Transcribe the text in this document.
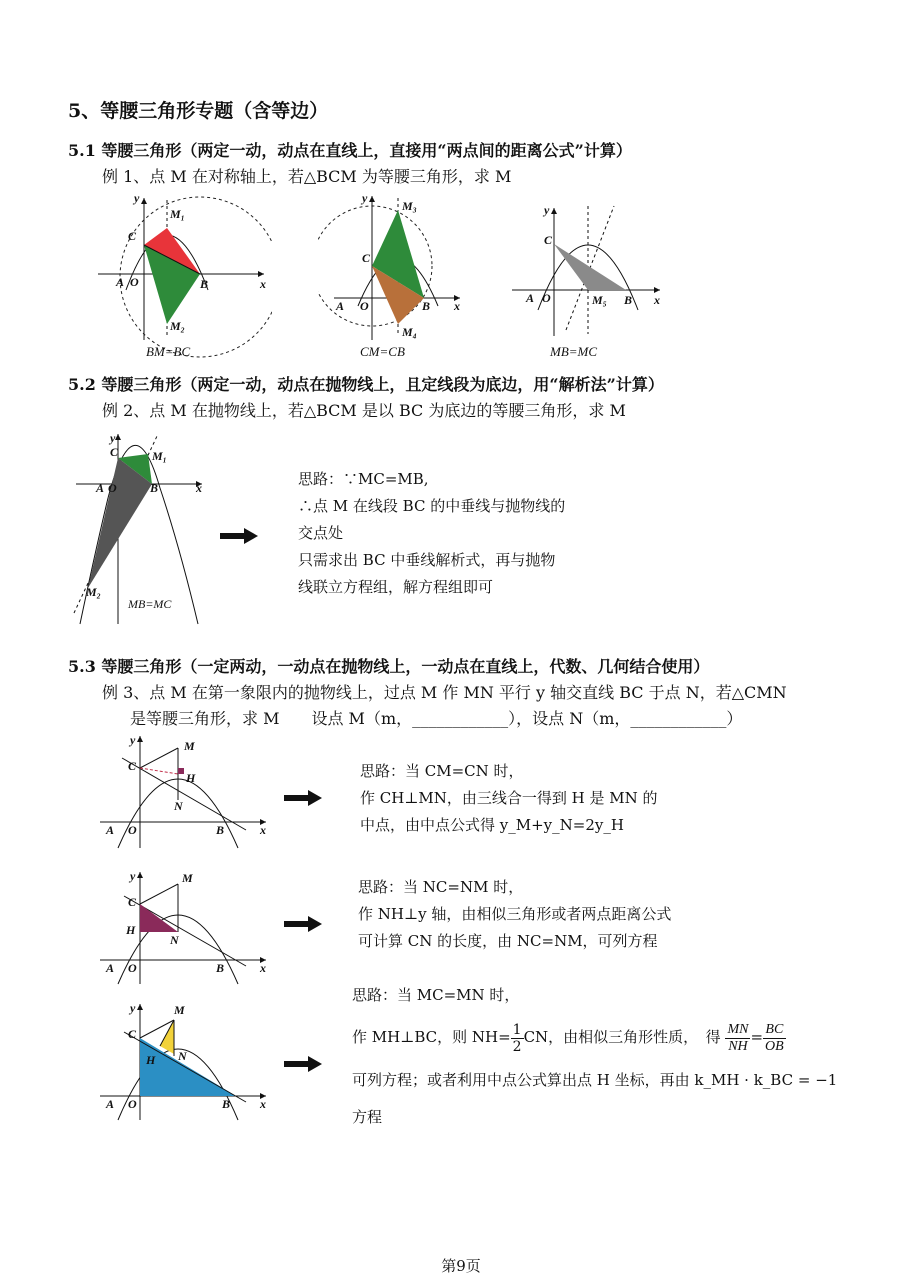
5、等腰三角形专题（含等边）
5.1 等腰三角形（两定一动，动点在直线上，直接用“两点间的距离公式”计算）
例 1、点 M 在对称轴上，若△BCM 为等腰三角形，求 M
y
x
C
A O	B
M₁
M₂
BM=BC
y
x
C
A O	B
M₃
M₄
CM=CB
y
x
C
A O	M₅ B
MB=MC
5.2 等腰三角形（两定一动，动点在抛物线上，且定线段为底边，用“解析法”计算）
例 2、点 M 在抛物线上，若△BCM 是以 BC 为底边的等腰三角形，求 M
y
x
C
A O	B
M₁
M₂
MB=MC
思路：∵MC=MB,
∴点 M 在线段 BC 的中垂线与抛物线的
交点处
只需求出 BC 中垂线解析式，再与抛物
线联立方程组，解方程组即可
5.3 等腰三角形（一定两动，一动点在抛物线上，一动点在直线上，代数、几何结合使用）
例 3、点 M 在第一象限内的抛物线上，过点 M 作 MN 平行 y 轴交直线 BC 于点 N，若△CMN
是等腰三角形，求 M　　设点 M（m，____________），设点 N（m，____________）
y
x
C
M
H
N
A O	B
思路：当 CM=CN 时，
作 CH⊥MN，由三线合一得到 H 是 MN 的
中点，由中点公式得 y_M+y_N=2y_H
y
x
C
M
H
N
A O	B
思路：当 NC=NM 时，
作 NH⊥y 轴，由相似三角形或者两点距离公式
可计算 CN 的长度，由 NC=NM，可列方程
y
x
C
M
H N
A O	B
思路：当 MC=MN 时，
作 MH⊥BC，则 $NH= \frac{1}{2}$ CN，由相似三角形性质，　得 $\frac{MN}{NH} = \frac{BC}{OB}$
可列方程；或者利用中点公式算出点 H 坐标，再由 k_MH · k_BC = −1
方程
第9页
